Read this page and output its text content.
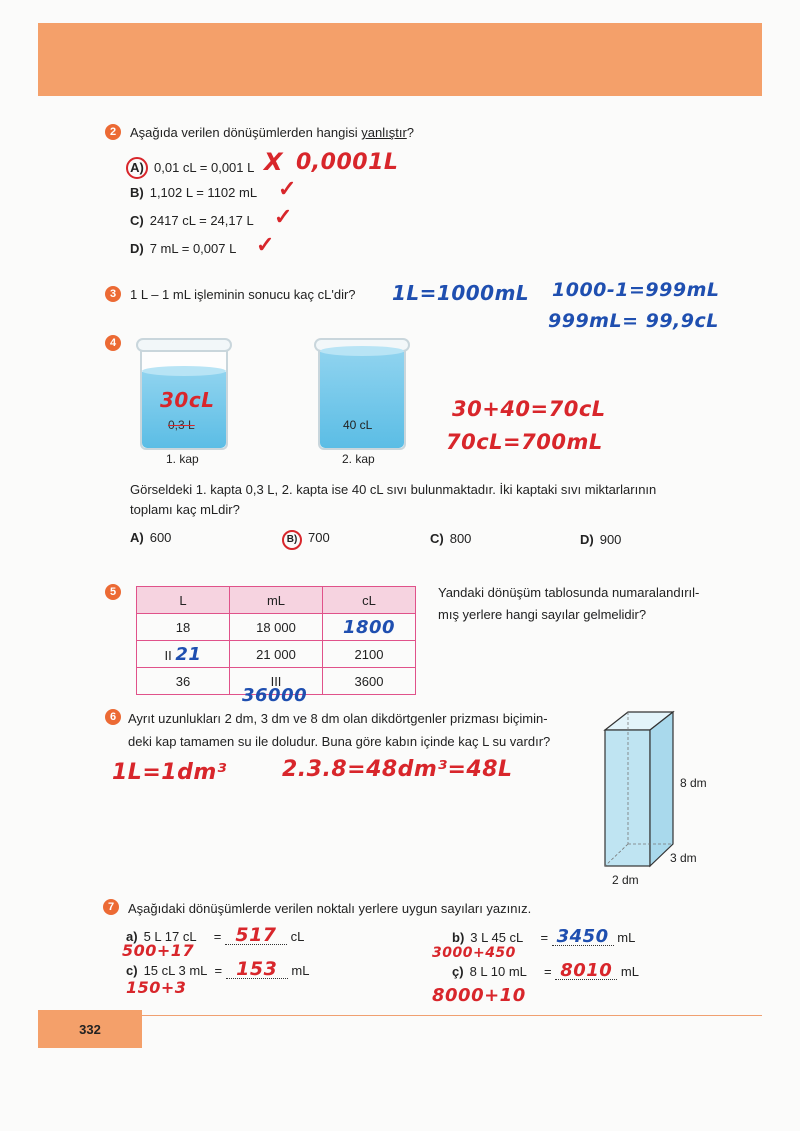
2	Aşağıda verilen dönüşümlerden hangisi yanlıştır?
A) 0,01 cL = 0,001 L X 0,0001L
B) 1,102 L = 1102 mL ✓
C) 2417 cL = 24,17 L ✓
D) 7 mL = 0,007 L ✓
3	1 L – 1 mL işleminin sonucu kaç cL'dir? 1L=1000mL 1000-1=999mL
999mL= 99,9cL
4
30cL
0,3 L
1. kap
40 cL
2. kap
30+40=70cL
70cL=700mL
Görseldeki 1. kapta 0,3 L, 2. kapta ise 40 cL sıvı bulunmaktadır. İki kaptaki sıvı miktarlarının
toplamı kaç mLdir?
A) 600	B) 700	C) 800	D) 900
5
L	mL	cL
18	18 000	1800
II 21	21 000	2100
36	III	3600
36000
Yandaki dönüşüm tablosunda numaralandırıl-
mış yerlere hangi sayılar gelmelidir?
6 Ayrıt uzunlukları 2 dm, 3 dm ve 8 dm olan dikdörtgenler prizması biçimin-
deki kap tamamen su ile doludur. Buna göre kabın içinde kaç L su vardır?
1L=1dm³	2.3.8=48dm³=48L
8 dm
3 dm
2 dm
7	Aşağıdaki dönüşümlerde verilen noktalı yerlere uygun sayıları yazınız.
a) 5 L 17 cL = 517 cL
500+17
b) 3 L 45 cL = 3450 mL
3000+450
c) 15 cL 3 mL = 153 mL
150+3
ç) 8 L 10 mL = 8010 mL
8000+10
332
